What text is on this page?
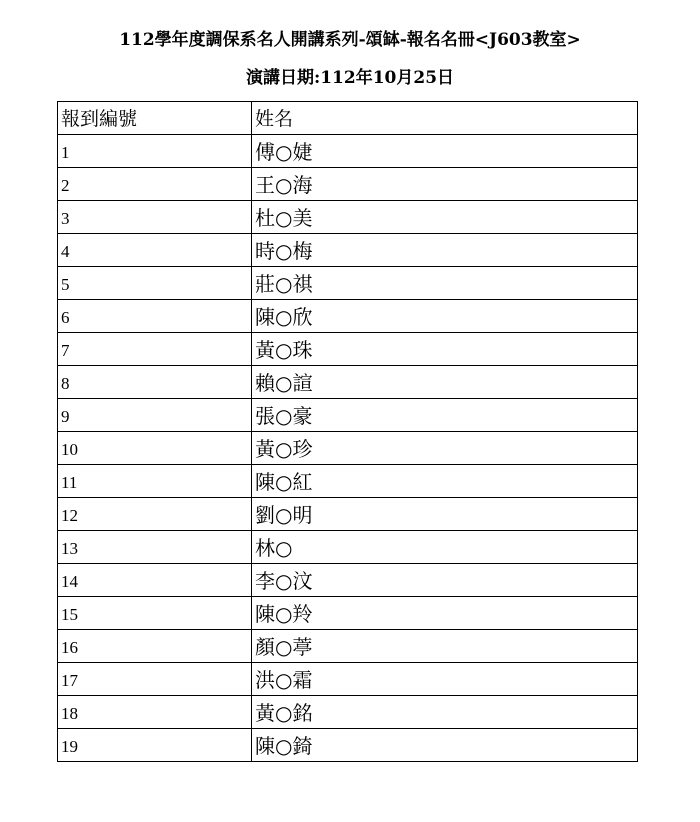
112學年度調保系名人開講系列-頌缽-報名名冊<J603教室>
演講日期:112年10月25日
報到編號	姓名
1	傅○婕
2	王○海
3	杜○美
4	時○梅
5	莊○祺
6	陳○欣
7	黃○珠
8	賴○諠
9	張○豪
10	黃○珍
11	陳○紅
12	劉○明
13	林○
14	李○汶
15	陳○羚
16	顏○葶
17	洪○霜
18	黃○銘
19	陳○錡
